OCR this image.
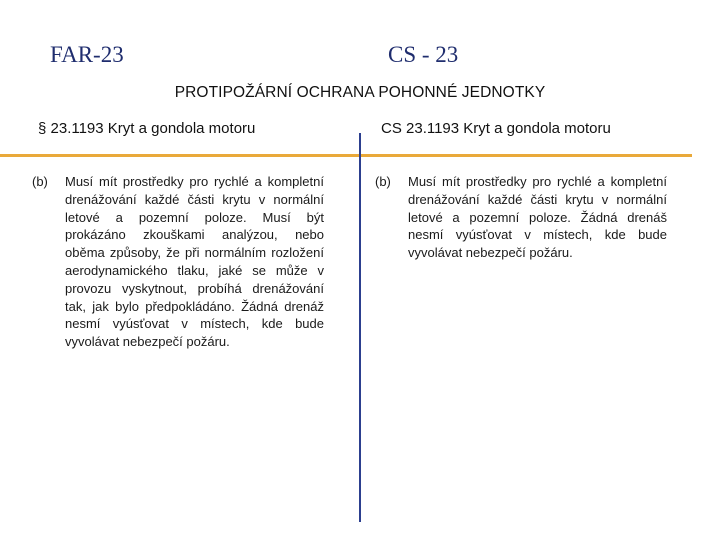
FAR-23	CS - 23
PROTIPOŽÁRNÍ OCHRANA POHONNÉ JEDNOTKY
§ 23.1193 Kryt a gondola motoru	CS 23.1193 Kryt a gondola motoru
(b) Musí mít prostředky pro rychlé a kompletní drenážování každé části krytu v normální letové a pozemní poloze. Musí být prokázáno zkouškami analýzou, nebo oběma způsoby, že při normálním rozložení aerodynamického tlaku, jaké se může v provozu vyskytnout, probíhá drenážování tak, jak bylo předpokládáno. Žádná drenáž nesmí vyúsťovat v místech, kde bude vyvolávat nebezpečí požáru.
(b) Musí mít prostředky pro rychlé a kompletní drenážování každé části krytu v normální letové a pozemní poloze. Žádná drenáš nesmí vyúsťovat v místech, kde bude vyvolávat nebezpečí požáru.
